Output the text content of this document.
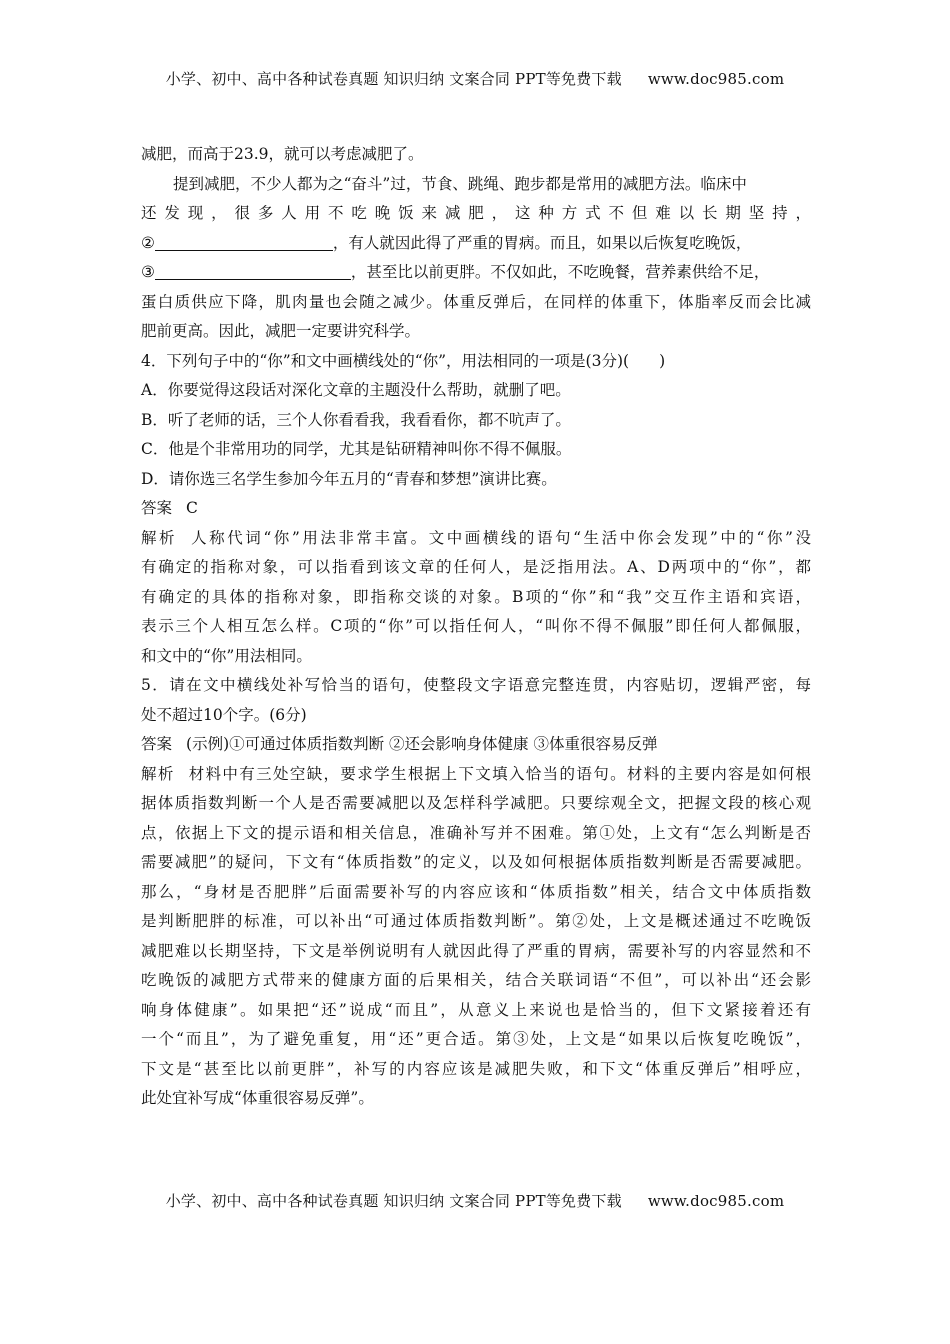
小学、初中、高中各种试卷真题 知识归纳 文案合同 PPT等免费下载 www.doc985.com

减肥，而高于23.9，就可以考虑减肥了。

提到减肥，不少人都为之“奋斗”过，节食、跳绳、跑步都是常用的减肥方法。临床中

还发现，很多人用不吃晚饭来减肥，这种方式不但难以长期坚持，

②	，有人就因此得了严重的胃病。而且，如果以后恢复吃晚饭，

③	，甚至比以前更胖。不仅如此，不吃晚餐，营养素供给不足，

蛋白质供应下降，肌肉量也会随之减少。体重反弹后，在同样的体重下，体脂率反而会比减

肥前更高。因此，减肥一定要讲究科学。

4．下列句子中的“你”和文中画横线处的“你”，用法相同的一项是(3分)( )

A．你要觉得这段话对深化文章的主题没什么帮助，就删了吧。

B．听了老师的话，三个人你看看我，我看看你，都不吭声了。

C．他是个非常用功的同学，尤其是钻研精神叫你不得不佩服。

D．请你选三名学生参加今年五月的“青春和梦想”演讲比赛。

答案 C

解析 人称代词“你”用法非常丰富。文中画横线的语句“生活中你会发现”中的“你”没

有确定的指称对象，可以指看到该文章的任何人，是泛指用法。A、D两项中的“你”，都

有确定的具体的指称对象，即指称交谈的对象。B项的“你”和“我”交互作主语和宾语，

表示三个人相互怎么样。C项的“你”可以指任何人，“叫你不得不佩服”即任何人都佩服，

和文中的“你”用法相同。

5．请在文中横线处补写恰当的语句，使整段文字语意完整连贯，内容贴切，逻辑严密，每

处不超过10个字。(6分)

答案 (示例)①可通过体质指数判断 ②还会影响身体健康 ③体重很容易反弹

解析 材料中有三处空缺，要求学生根据上下文填入恰当的语句。材料的主要内容是如何根

据体质指数判断一个人是否需要减肥以及怎样科学减肥。只要综观全文，把握文段的核心观

点，依据上下文的提示语和相关信息，准确补写并不困难。第①处，上文有“怎么判断是否

需要减肥”的疑问，下文有“体质指数”的定义，以及如何根据体质指数判断是否需要减肥。

那么，“身材是否肥胖”后面需要补写的内容应该和“体质指数”相关，结合文中体质指数

是判断肥胖的标准，可以补出“可通过体质指数判断”。第②处，上文是概述通过不吃晚饭

减肥难以长期坚持，下文是举例说明有人就因此得了严重的胃病，需要补写的内容显然和不

吃晚饭的减肥方式带来的健康方面的后果相关，结合关联词语“不但”，可以补出“还会影

响身体健康”。如果把“还”说成“而且”，从意义上来说也是恰当的，但下文紧接着还有

一个“而且”，为了避免重复，用“还”更合适。第③处，上文是“如果以后恢复吃晚饭”，

下文是“甚至比以前更胖”，补写的内容应该是减肥失败，和下文“体重反弹后”相呼应，

此处宜补写成“体重很容易反弹”。

小学、初中、高中各种试卷真题 知识归纳 文案合同 PPT等免费下载 www.doc985.com
